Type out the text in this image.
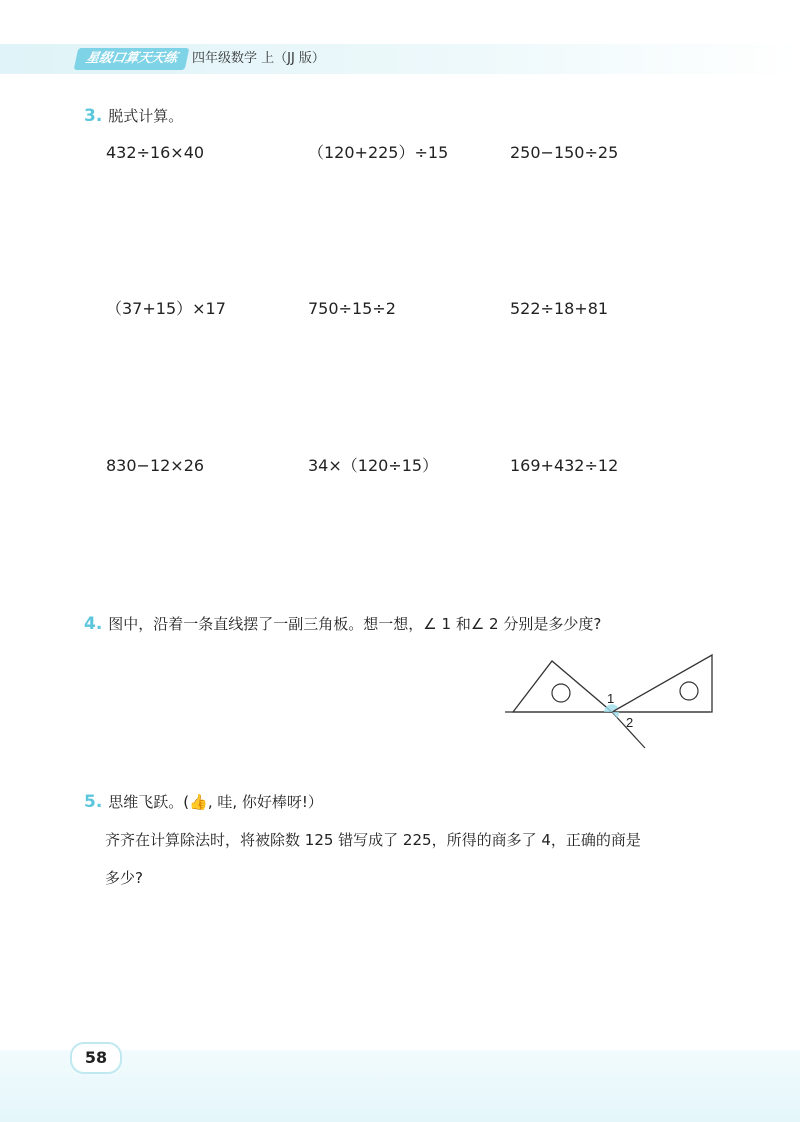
星级口算天天练	四年级数学 上（JJ 版）
3. 脱式计算。
432÷16×40	（120+225）÷15	250−150÷25
（37+15）×17	750÷15÷2	522÷18+81
830−12×26	34×（120÷15）	169+432÷12
4. 图中，沿着一条直线摆了一副三角板。想一想，∠ 1 和∠ 2 分别是多少度?
1
2
5. 思维飞跃。(👍, 哇, 你好棒呀!）
齐齐在计算除法时，将被除数 125 错写成了 225，所得的商多了 4，正确的商是
多少?
58
